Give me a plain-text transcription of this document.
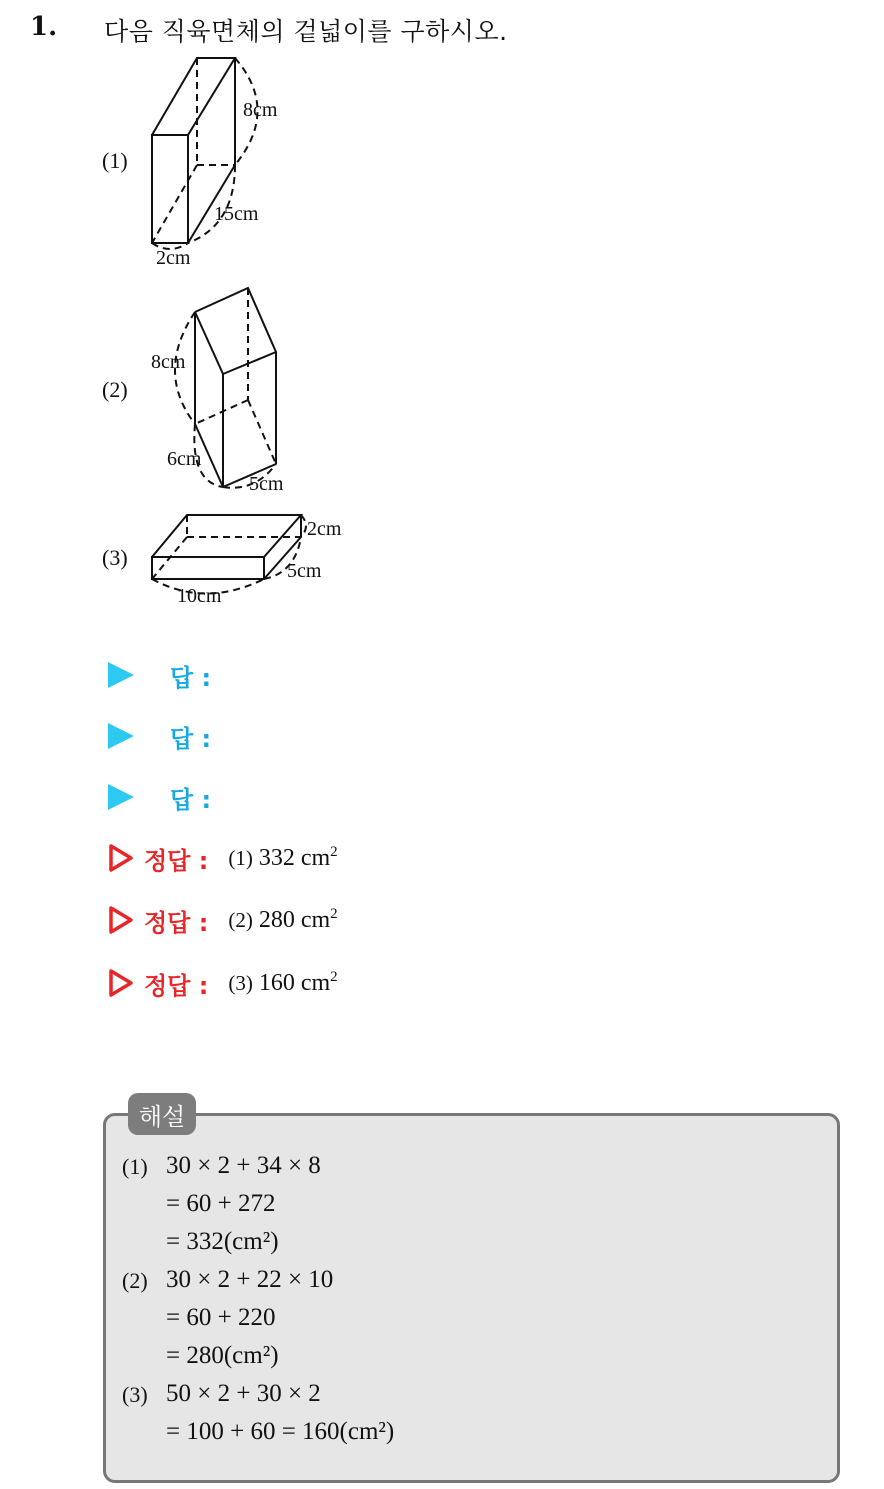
1. 다음 직육면체의 겉넓이를 구하시오.
(1)
8cm
15cm
2cm
(2)
8cm
6cm
5cm
(3)
2cm
5cm
10cm
답 :
답 :
답 :
정답 : (1) 332 $cm^2$
정답 : (2) 280 $cm^2$
정답 : (3) 160 $cm^2$
해설
(1) 30 × 2 + 34 × 8
= 60 + 272
= 332(cm²)
(2) 30 × 2 + 22 × 10
= 60 + 220
= 280(cm²)
(3) 50 × 2 + 30 × 2
= 100 + 60 = 160(cm²)
